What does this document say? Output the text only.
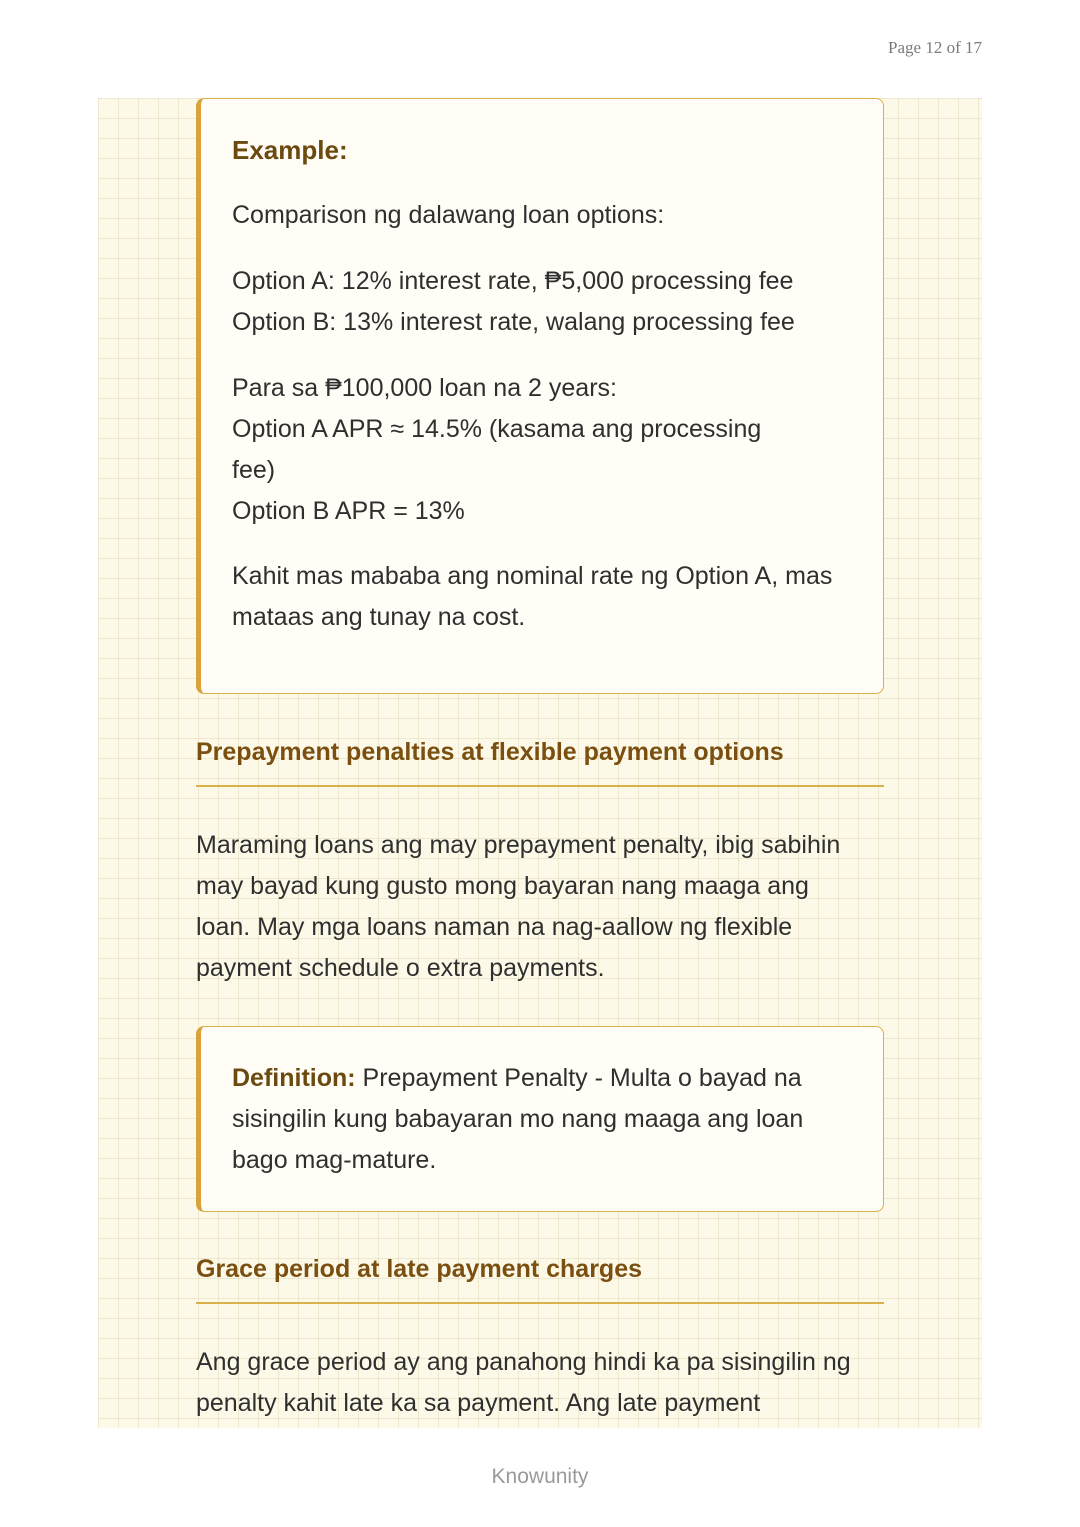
Page 12 of 17
Example:
Comparison ng dalawang loan options:

Option A: 12% interest rate, ₱5,000 processing fee

Option B: 13% interest rate, walang processing fee

Para sa ₱100,000 loan na 2 years:

Option A APR ≈ 14.5% (kasama ang processing fee)

Option B APR = 13%

Kahit mas mababa ang nominal rate ng Option A, mas mataas ang tunay na cost.
Prepayment penalties at flexible payment options
Maraming loans ang may prepayment penalty, ibig sabihin may bayad kung gusto mong bayaran nang maaga ang loan. May mga loans naman na nag-aallow ng flexible payment schedule o extra payments.
Definition: Prepayment Penalty - Multa o bayad na sisingilin kung babayaran mo nang maaga ang loan bago mag-mature.
Grace period at late payment charges
Ang grace period ay ang panahong hindi ka pa sisingilin ng penalty kahit late ka sa payment. Ang late payment
Knowunity
